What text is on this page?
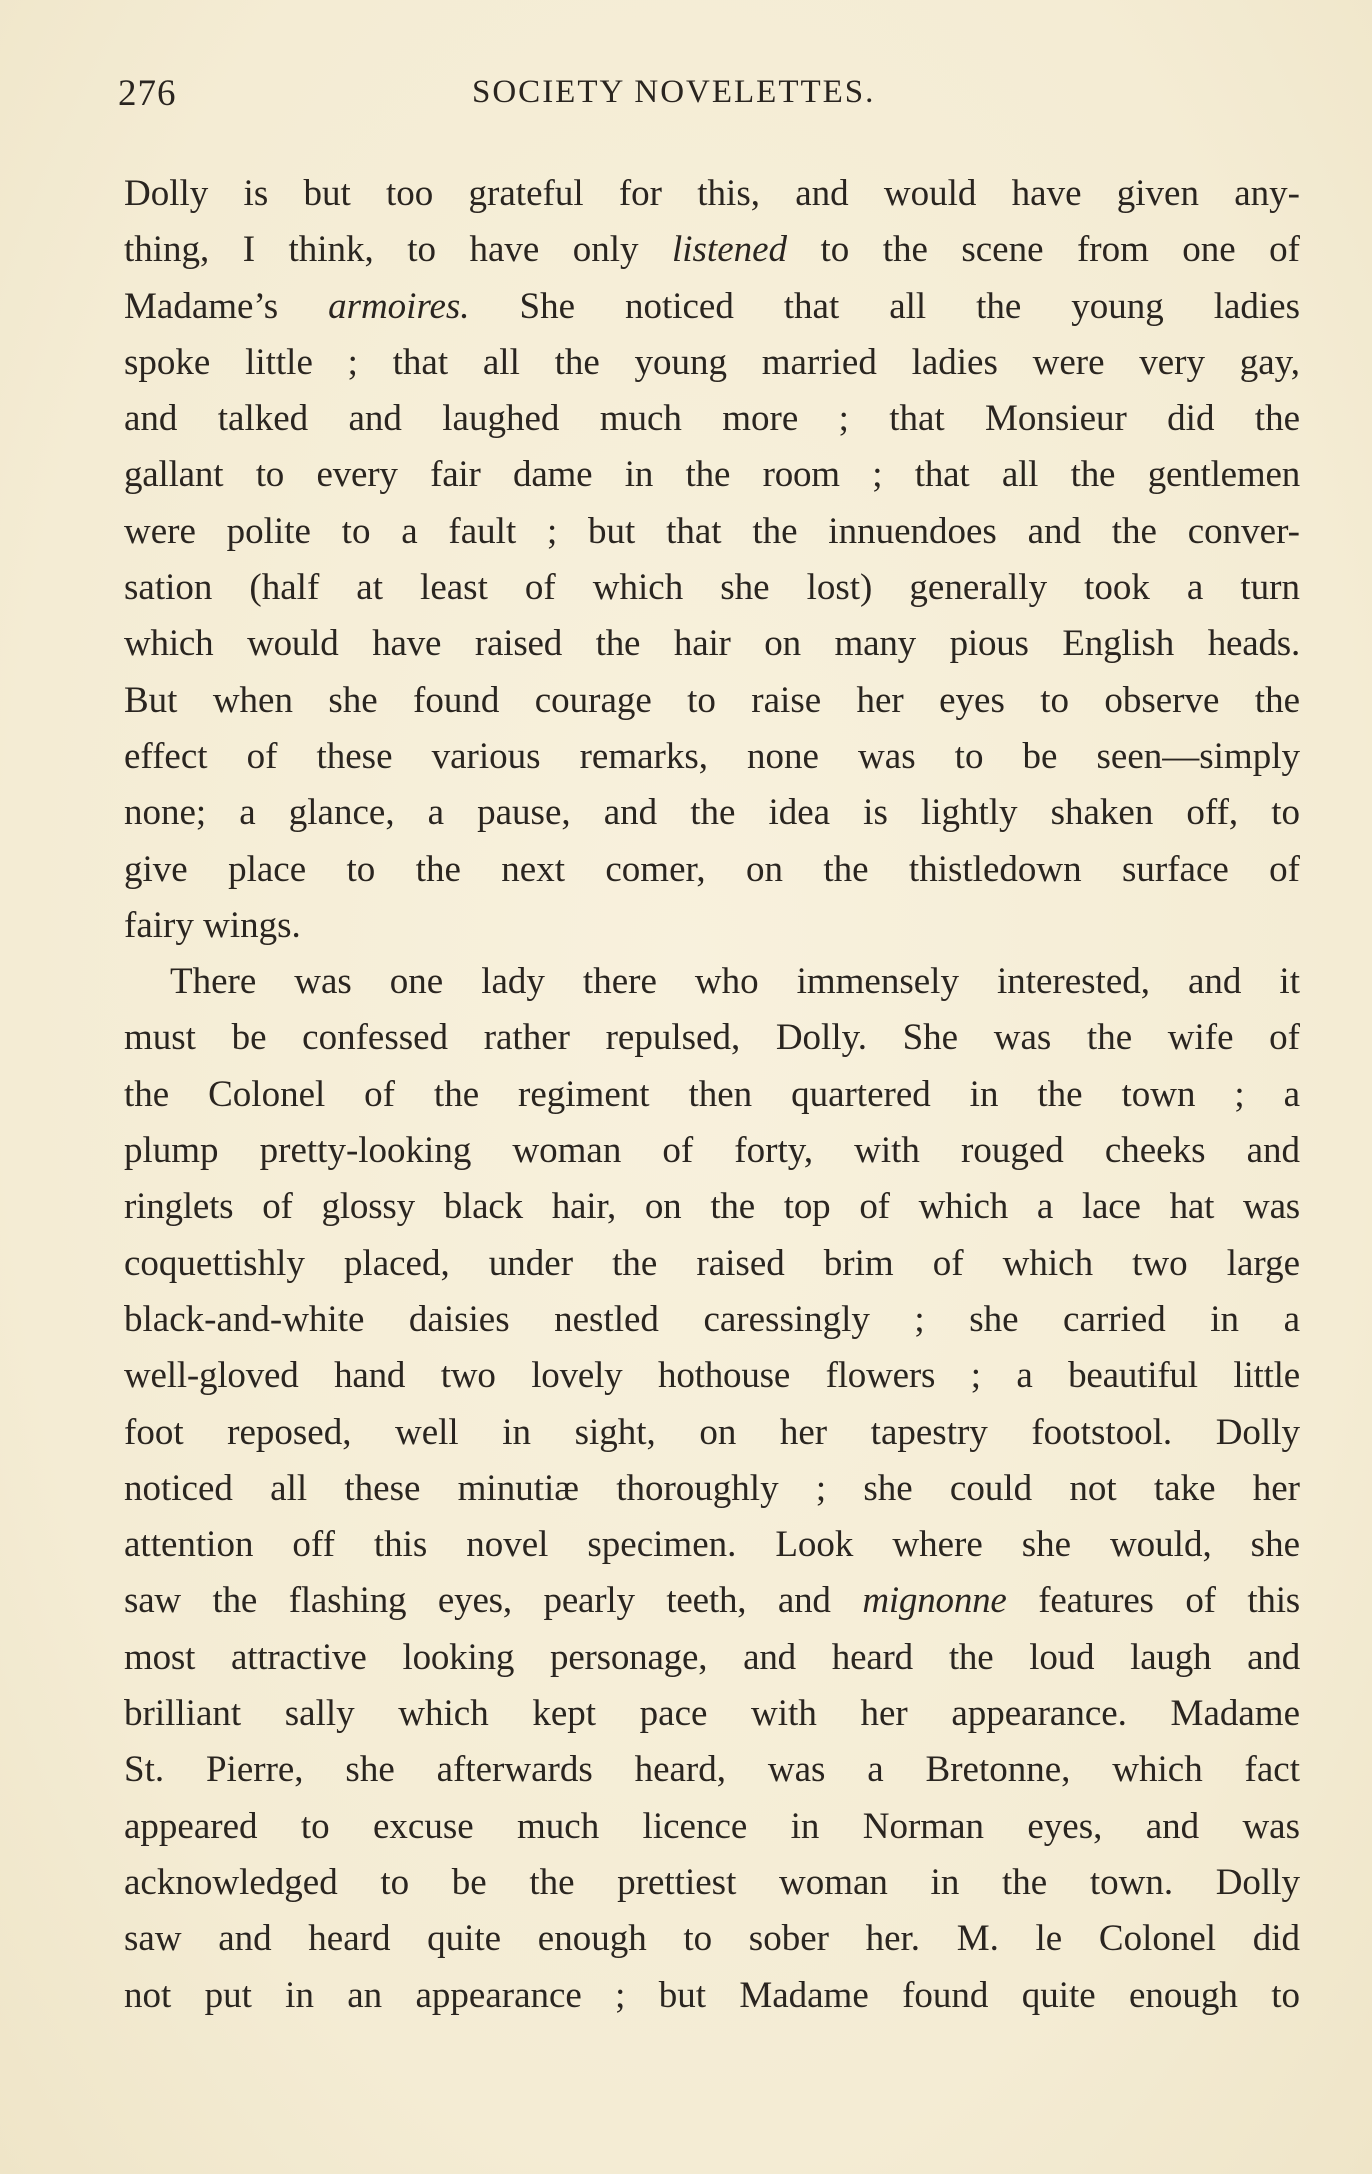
276	SOCIETY NOVELETTES.
Dolly is but too grateful for this, and would have given any-
thing, I think, to have only listened to the scene from one of
Madame’s armoires. She noticed that all the young ladies
spoke little ; that all the young married ladies were very gay,
and talked and laughed much more ; that Monsieur did the
gallant to every fair dame in the room ; that all the gentlemen
were polite to a fault ; but that the innuendoes and the conver-
sation (half at least of which she lost) generally took a turn
which would have raised the hair on many pious English heads.
But when she found courage to raise her eyes to observe the
effect of these various remarks, none was to be seen—simply
none; a glance, a pause, and the idea is lightly shaken off, to
give place to the next comer, on the thistledown surface of
fairy wings.
There was one lady there who immensely interested, and it
must be confessed rather repulsed, Dolly. She was the wife of
the Colonel of the regiment then quartered in the town ; a
plump pretty-looking woman of forty, with rouged cheeks and
ringlets of glossy black hair, on the top of which a lace hat was
coquettishly placed, under the raised brim of which two large
black-and-white daisies nestled caressingly ; she carried in a
well-gloved hand two lovely hothouse flowers ; a beautiful little
foot reposed, well in sight, on her tapestry footstool. Dolly
noticed all these minutiæ thoroughly ; she could not take her
attention off this novel specimen. Look where she would, she
saw the flashing eyes, pearly teeth, and mignonne features of this
most attractive looking personage, and heard the loud laugh and
brilliant sally which kept pace with her appearance. Madame
St. Pierre, she afterwards heard, was a Bretonne, which fact
appeared to excuse much licence in Norman eyes, and was
acknowledged to be the prettiest woman in the town. Dolly
saw and heard quite enough to sober her. M. le Colonel did
not put in an appearance ; but Madame found quite enough to
